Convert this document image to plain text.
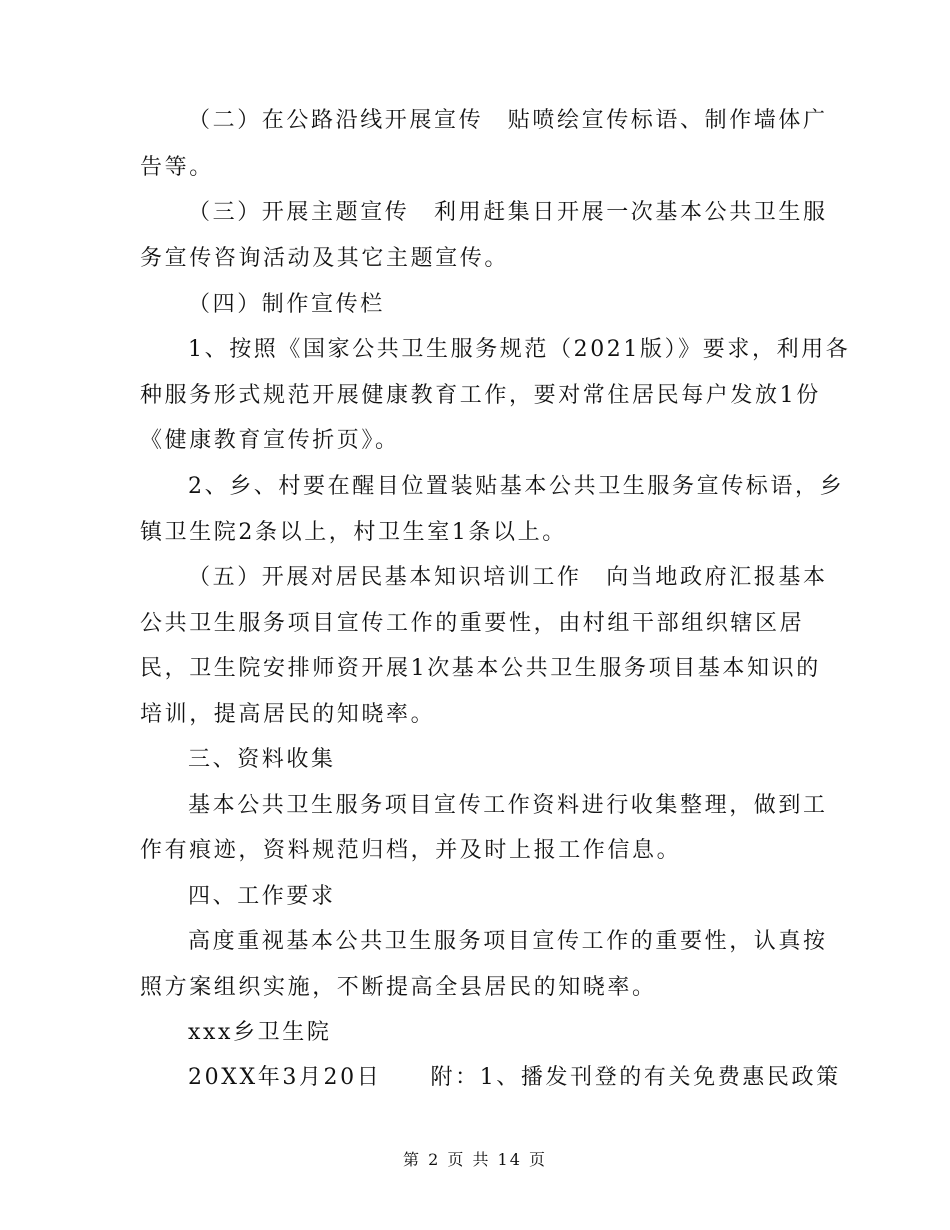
（二）在公路沿线开展宣传　贴喷绘宣传标语、制作墙体广
告等。
（三）开展主题宣传　利用赶集日开展一次基本公共卫生服
务宣传咨询活动及其它主题宣传。
（四）制作宣传栏
1、按照《国家公共卫生服务规范（2021版）》要求，利用各
种服务形式规范开展健康教育工作，要对常住居民每户发放1份
《健康教育宣传折页》。
2、乡、村要在醒目位置装贴基本公共卫生服务宣传标语，乡
镇卫生院2条以上，村卫生室1条以上。
（五）开展对居民基本知识培训工作　向当地政府汇报基本
公共卫生服务项目宣传工作的重要性，由村组干部组织辖区居
民，卫生院安排师资开展1次基本公共卫生服务项目基本知识的
培训，提高居民的知晓率。
三、资料收集
基本公共卫生服务项目宣传工作资料进行收集整理，做到工
作有痕迹，资料规范归档，并及时上报工作信息。
四、工作要求
高度重视基本公共卫生服务项目宣传工作的重要性，认真按
照方案组织实施，不断提高全县居民的知晓率。
xxx乡卫生院
20XX年3月20日　　附：1、播发刊登的有关免费惠民政策
第 2 页 共 14 页
